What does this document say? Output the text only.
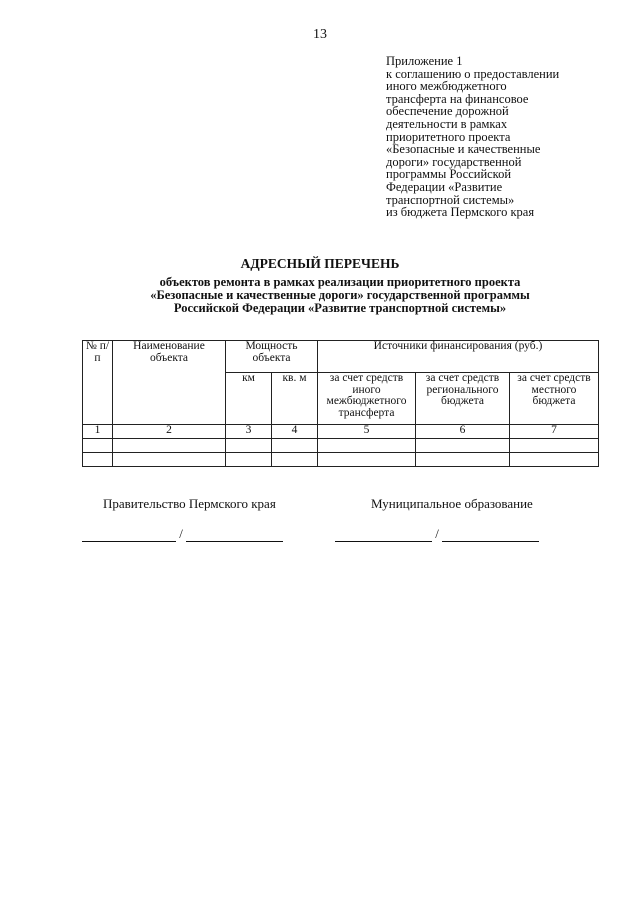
13
Приложение 1
к соглашению о предоставлении
иного межбюджетного
трансферта на финансовое
обеспечение дорожной
деятельности в рамках
приоритетного проекта
«Безопасные и качественные
дороги» государственной
программы Российской
Федерации «Развитие
транспортной системы»
из бюджета Пермского края
АДРЕСНЫЙ ПЕРЕЧЕНЬ
объектов ремонта в рамках реализации приоритетного проекта
«Безопасные и качественные дороги» государственной программы
Российской Федерации «Развитие транспортной системы»
№ п/п	Наименование объекта	Мощность объекта		Источники финансирования (руб.)		
		км	кв. м	за счет средств иного межбюджетного трансферта	за счет средств регионального бюджета	за счет средств местного бюджета
1	2	3	4	5	6	7

Правительство Пермского края	Муниципальное образование
/	/
